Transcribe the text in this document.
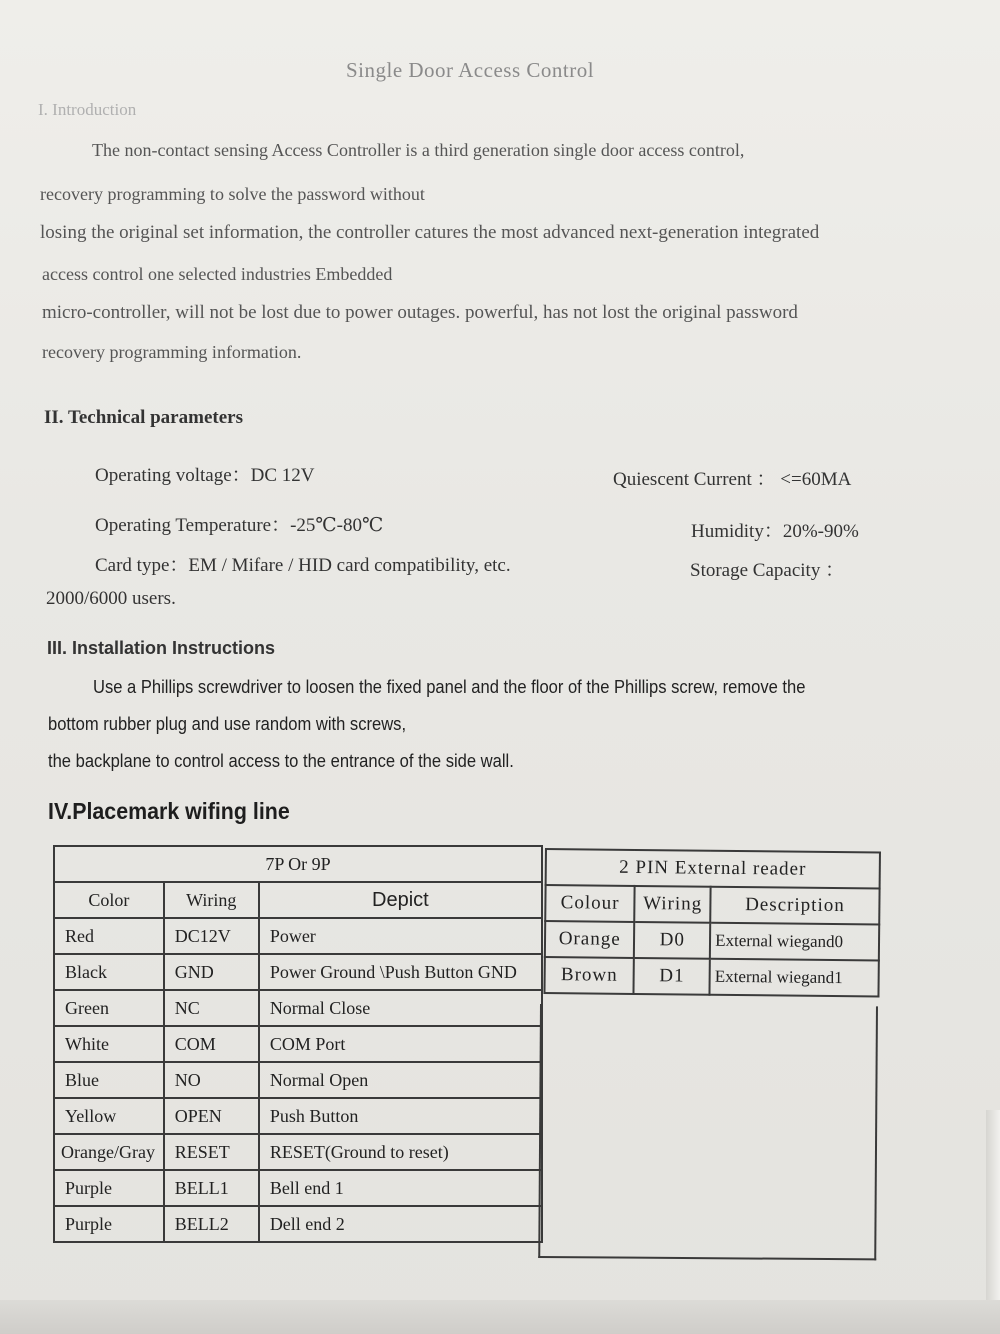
Single Door Access Control
I. Introduction
The non-contact sensing Access Controller is a third generation single door access control,
recovery programming to solve the password without
losing the original set information, the controller catures the most advanced next-generation integrated
access control one selected industries Embedded
micro-controller, will not be lost due to power outages. powerful, has not lost the original password
recovery programming information.
II. Technical parameters
Operating voltage：DC 12V	Quiescent Current ： <=60MA
Operating Temperature：-25℃-80℃	Humidity：20%-90%
Card type：EM / Mifare / HID card compatibility, etc.	Storage Capacity ：
2000/6000 users.
III. Installation Instructions
Use a Phillips screwdriver to loosen the fixed panel and the floor of the Phillips screw, remove the
bottom rubber plug and use random with screws,
the backplane to control access to the entrance of the side wall.
IV.Placemark wifing line
7P Or 9P		
Color	Wiring	Depict
Red	DC12V	Power
Black	GND	Power Ground \Push Button GND
Green	NC	Normal Close
White	COM	COM Port
Blue	NO	Normal Open
Yellow	OPEN	Push Button
Orange/Gray	RESET	RESET(Ground to reset)
Purple	BELL1	Bell end 1
Purple	BELL2	Dell end 2
2 PIN External reader		
Colour	Wiring	Description
Orange	D0	External wiegand0
Brown	D1	External wiegand1
